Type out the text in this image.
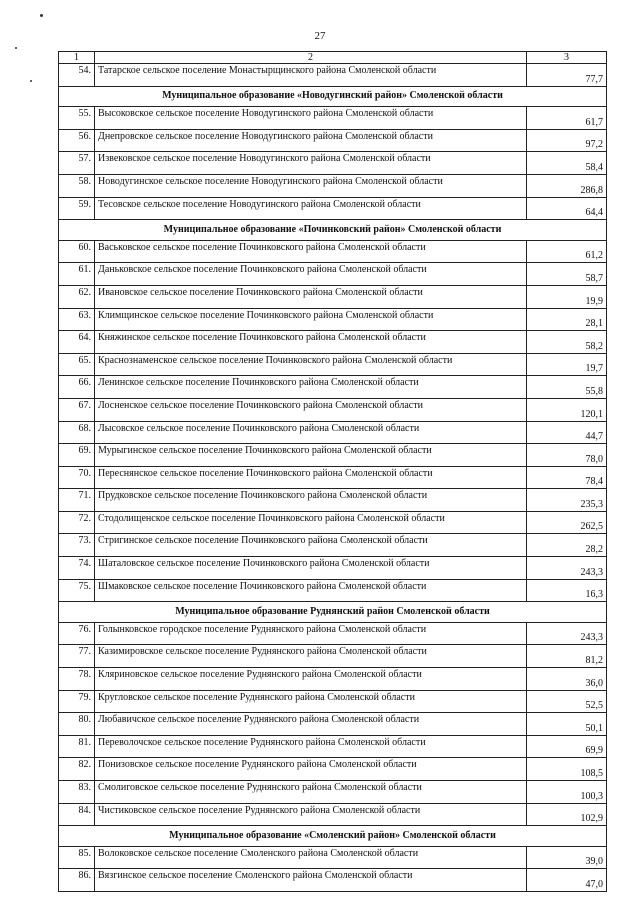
27
1	2	3
54.	Татарское сельское поселение Монастырщинского района Смоленской области	77,7
Муниципальное образование «Новодугинский район» Смоленской области		
55.	Высоковское сельское поселение Новодугинского района Смоленской области	61,7
56.	Днепровское сельское поселение Новодугинского района Смоленской области	97,2
57.	Извековское сельское поселение Новодугинского района Смоленской области	58,4
58.	Новодугинское сельское поселение Новодугинского района Смоленской области	286,8
59.	Тесовское сельское поселение Новодугинского района Смоленской области	64,4
Муниципальное образование «Починковский район» Смоленской области		
60.	Васьковское сельское поселение Починковского района Смоленской области	61,2
61.	Даньковское сельское поселение Починковского района Смоленской области	58,7
62.	Ивановское сельское поселение Починковского района Смоленской области	19,9
63.	Климщинское сельское поселение Починковского района Смоленской области	28,1
64.	Княжинское сельское поселение Починковского района Смоленской области	58,2
65.	Краснознаменское сельское поселение Починковского района Смоленской области	19,7
66.	Ленинское сельское поселение Починковского района Смоленской области	55,8
67.	Лосненское сельское поселение Починковского района Смоленской области	120,1
68.	Лысовское сельское поселение Починковского района Смоленской области	44,7
69.	Мурыгинское сельское поселение Починковского района Смоленской области	78,0
70.	Переснянское сельское поселение Починковского района Смоленской области	78,4
71.	Прудковское сельское поселение Починковского района Смоленской области	235,3
72.	Стодолищенское сельское поселение Починковского района Смоленской области	262,5
73.	Стригинское сельское поселение Починковского района Смоленской области	28,2
74.	Шаталовское сельское поселение Починковского района Смоленской области	243,3
75.	Шмаковское сельское поселение Починковского района Смоленской области	16,3
Муниципальное образование Руднянский район Смоленской области		
76.	Голынковское городское поселение Руднянского района Смоленской области	243,3
77.	Казимировское сельское поселение Руднянского района Смоленской области	81,2
78.	Кляриновское сельское поселение Руднянского района Смоленской области	36,0
79.	Кругловское сельское поселение Руднянского района Смоленской области	52,5
80.	Любавичское сельское поселение Руднянского района Смоленской области	50,1
81.	Переволочское сельское поселение Руднянского района Смоленской области	69,9
82.	Понизовское сельское поселение Руднянского района Смоленской области	108,5
83.	Смолиговское сельское поселение Руднянского района Смоленской области	100,3
84.	Чистиковское сельское поселение Руднянского района Смоленской области	102,9
Муниципальное образование «Смоленский район» Смоленской области		
85.	Волоковское сельское поселение Смоленского района Смоленской области	39,0
86.	Вязгинское сельское поселение Смоленского района Смоленской области	47,0
